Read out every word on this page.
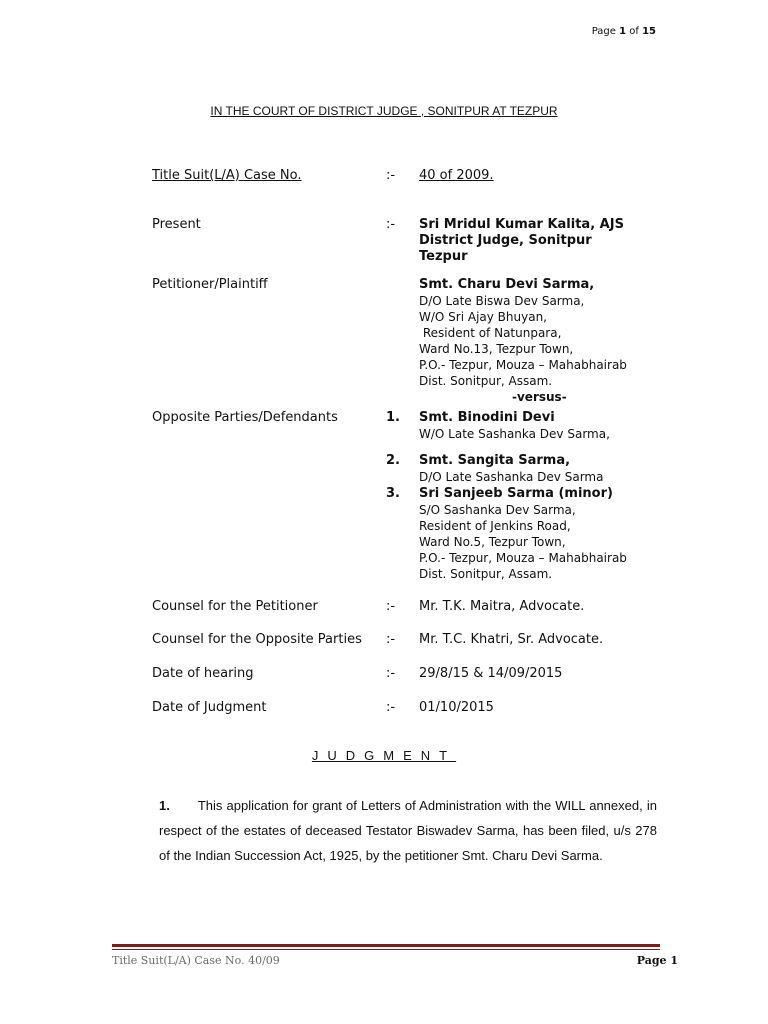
Page 1 of 15
IN THE COURT OF DISTRICT JUDGE , SONITPUR AT TEZPUR
Title Suit(L/A) Case No.	:- 40 of 2009.
Present	:- Sri Mridul Kumar Kalita, AJS
District Judge, Sonitpur
Tezpur
Petitioner/Plaintiff	Smt. Charu Devi Sarma,
D/O Late Biswa Dev Sarma,
W/O Sri Ajay Bhuyan,
Resident of Natunpara,
Ward No.13, Tezpur Town,
P.O.- Tezpur, Mouza – Mahabhairab
Dist. Sonitpur, Assam.
-versus-
Opposite Parties/Defendants	1. Smt. Binodini Devi
W/O Late Sashanka Dev Sarma,
2. Smt. Sangita Sarma,
D/O Late Sashanka Dev Sarma
3. Sri Sanjeeb Sarma (minor)
S/O Sashanka Dev Sarma,
Resident of Jenkins Road,
Ward No.5, Tezpur Town,
P.O.- Tezpur, Mouza – Mahabhairab
Dist. Sonitpur, Assam.
Counsel for the Petitioner	:- Mr. T.K. Maitra, Advocate.
Counsel for the Opposite Parties :- Mr. T.C. Khatri, Sr. Advocate.
Date of hearing	:- 29/8/15 & 14/09/2015
Date of Judgment	:- 01/10/2015
JUDGMENT
1. This application for grant of Letters of Administration with the WILL annexed, in respect of the estates of deceased Testator Biswadev Sarma, has been filed, u/s 278 of the Indian Succession Act, 1925, by the petitioner Smt. Charu Devi Sarma.
Title Suit(L/A) Case No. 40/09	Page 1
